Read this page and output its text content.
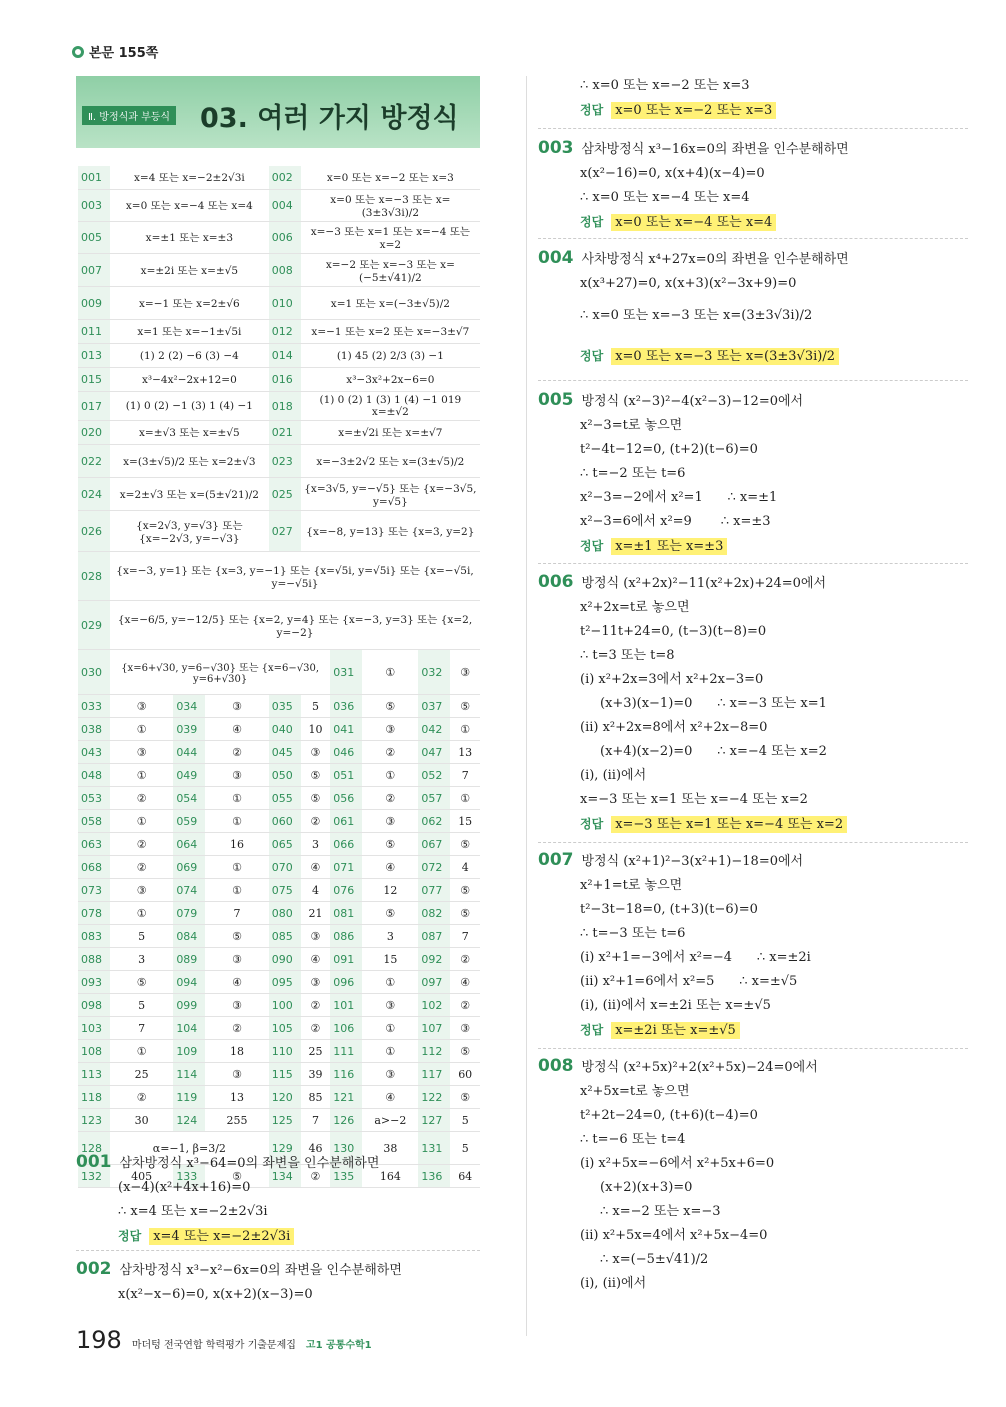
본문 155쪽
Ⅱ. 방정식과 부등식 03. 여러 가지 방정식
001	x=4 또는 x=−2±2√3i			002	x=0 또는 x=−2 또는 x=3				
003	x=0 또는 x=−4 또는 x=4			004	x=0 또는 x=−3 또는 x=(3±3√3i)/2				
005	x=±1 또는 x=±3			006	x=−3 또는 x=1 또는 x=−4 또는 x=2				
007	x=±2i 또는 x=±√5			008	x=−2 또는 x=−3 또는 x=(−5±√41)/2				
009	x=−1 또는 x=2±√6			010	x=1 또는 x=(−3±√5)/2				
011	x=1 또는 x=−1±√5i			012	x=−1 또는 x=2 또는 x=−3±√7				
013	(1) 2 (2) −6 (3) −4			014	(1) 45 (2) 2/3 (3) −1				
015	x³−4x²−2x+12=0			016	x³−3x²+2x−6=0				
017	(1) 0 (2) −1 (3) 1 (4) −1			018	(1) 0 (2) 1 (3) 1 (4) −1 019 x=±√2				
020	x=±√3 또는 x=±√5			021	x=±√2i 또는 x=±√7				
022	x=(3±√5)/2 또는 x=2±√3			023	x=−3±2√2 또는 x=(3±√5)/2				
024	x=2±√3 또는 x=(5±√21)/2			025	{x=3√5, y=−√5} 또는 {x=−3√5, y=√5}				
026	{x=2√3, y=√3} 또는 {x=−2√3, y=−√3}			027	{x=−8, y=13} 또는 {x=3, y=2}				
028	{x=−3, y=1} 또는 {x=3, y=−1} 또는 {x=√5i, y=√5i} 또는 {x=−√5i, y=−√5i}								
029	{x=−6/5, y=−12/5} 또는 {x=2, y=4} 또는 {x=−3, y=3} 또는 {x=2, y=−2}								
030	{x=6+√30, y=6−√30} 또는 {x=6−√30, y=6+√30}					031	①	032	③
033	③	034	③	035	5	036	⑤	037	⑤
038	①	039	④	040	10	041	③	042	①
043	③	044	②	045	③	046	②	047	13
048	①	049	③	050	⑤	051	①	052	7
053	②	054	①	055	⑤	056	②	057	①
058	①	059	①	060	②	061	③	062	15
063	②	064	16	065	3	066	⑤	067	⑤
068	②	069	①	070	④	071	④	072	4
073	③	074	①	075	4	076	12	077	⑤
078	①	079	7	080	21	081	⑤	082	⑤
083	5	084	⑤	085	③	086	3	087	7
088	3	089	③	090	④	091	15	092	②
093	⑤	094	④	095	③	096	①	097	④
098	5	099	③	100	②	101	③	102	②
103	7	104	②	105	②	106	①	107	③
108	①	109	18	110	25	111	①	112	⑤
113	25	114	③	115	39	116	③	117	60
118	②	119	13	120	85	121	④	122	⑤
123	30	124	255	125	7	126	a>−2	127	5
128	α=−1, β=3/2			129	46	130	38	131	5
132	405	133	⑤	134	②	135	164	136	64
001 삼차방정식 x³−64=0의 좌변을 인수분해하면
(x−4)(x²+4x+16)=0
∴ x=4 또는 x=−2±2√3i
정답 x=4 또는 x=−2±2√3i
002 삼차방정식 x³−x²−6x=0의 좌변을 인수분해하면
x(x²−x−6)=0, x(x+2)(x−3)=0
∴ x=0 또는 x=−2 또는 x=3
정답 x=0 또는 x=−2 또는 x=3
003 삼차방정식 x³−16x=0의 좌변을 인수분해하면
x(x²−16)=0, x(x+4)(x−4)=0
∴ x=0 또는 x=−4 또는 x=4
정답 x=0 또는 x=−4 또는 x=4
004 사차방정식 x⁴+27x=0의 좌변을 인수분해하면
x(x³+27)=0, x(x+3)(x²−3x+9)=0
∴ x=0 또는 x=−3 또는 x=(3±3√3i)/2
정답 x=0 또는 x=−3 또는 x=(3±3√3i)/2
005 방정식 (x²−3)²−4(x²−3)−12=0에서
x²−3=t로 놓으면
t²−4t−12=0, (t+2)(t−6)=0
∴ t=−2 또는 t=6
x²−3=−2에서 x²=1      ∴ x=±1
x²−3=6에서 x²=9       ∴ x=±3
정답 x=±1 또는 x=±3
006 방정식 (x²+2x)²−11(x²+2x)+24=0에서
x²+2x=t로 놓으면
t²−11t+24=0, (t−3)(t−8)=0
∴ t=3 또는 t=8
(ⅰ) x²+2x=3에서 x²+2x−3=0
(x+3)(x−1)=0      ∴ x=−3 또는 x=1
(ⅱ) x²+2x=8에서 x²+2x−8=0
(x+4)(x−2)=0      ∴ x=−4 또는 x=2
(ⅰ), (ⅱ)에서
x=−3 또는 x=1 또는 x=−4 또는 x=2
정답 x=−3 또는 x=1 또는 x=−4 또는 x=2
007 방정식 (x²+1)²−3(x²+1)−18=0에서
x²+1=t로 놓으면
t²−3t−18=0, (t+3)(t−6)=0
∴ t=−3 또는 t=6
(ⅰ) x²+1=−3에서 x²=−4      ∴ x=±2i
(ⅱ) x²+1=6에서 x²=5      ∴ x=±√5
(ⅰ), (ⅱ)에서 x=±2i 또는 x=±√5
정답 x=±2i 또는 x=±√5
008 방정식 (x²+5x)²+2(x²+5x)−24=0에서
x²+5x=t로 놓으면
t²+2t−24=0, (t+6)(t−4)=0
∴ t=−6 또는 t=4
(ⅰ) x²+5x=−6에서 x²+5x+6=0
(x+2)(x+3)=0
∴ x=−2 또는 x=−3
(ⅱ) x²+5x=4에서 x²+5x−4=0
∴ x=(−5±√41)/2
(ⅰ), (ⅱ)에서
198 마더텅 전국연합 학력평가 기출문제집 고1 공통수학1
